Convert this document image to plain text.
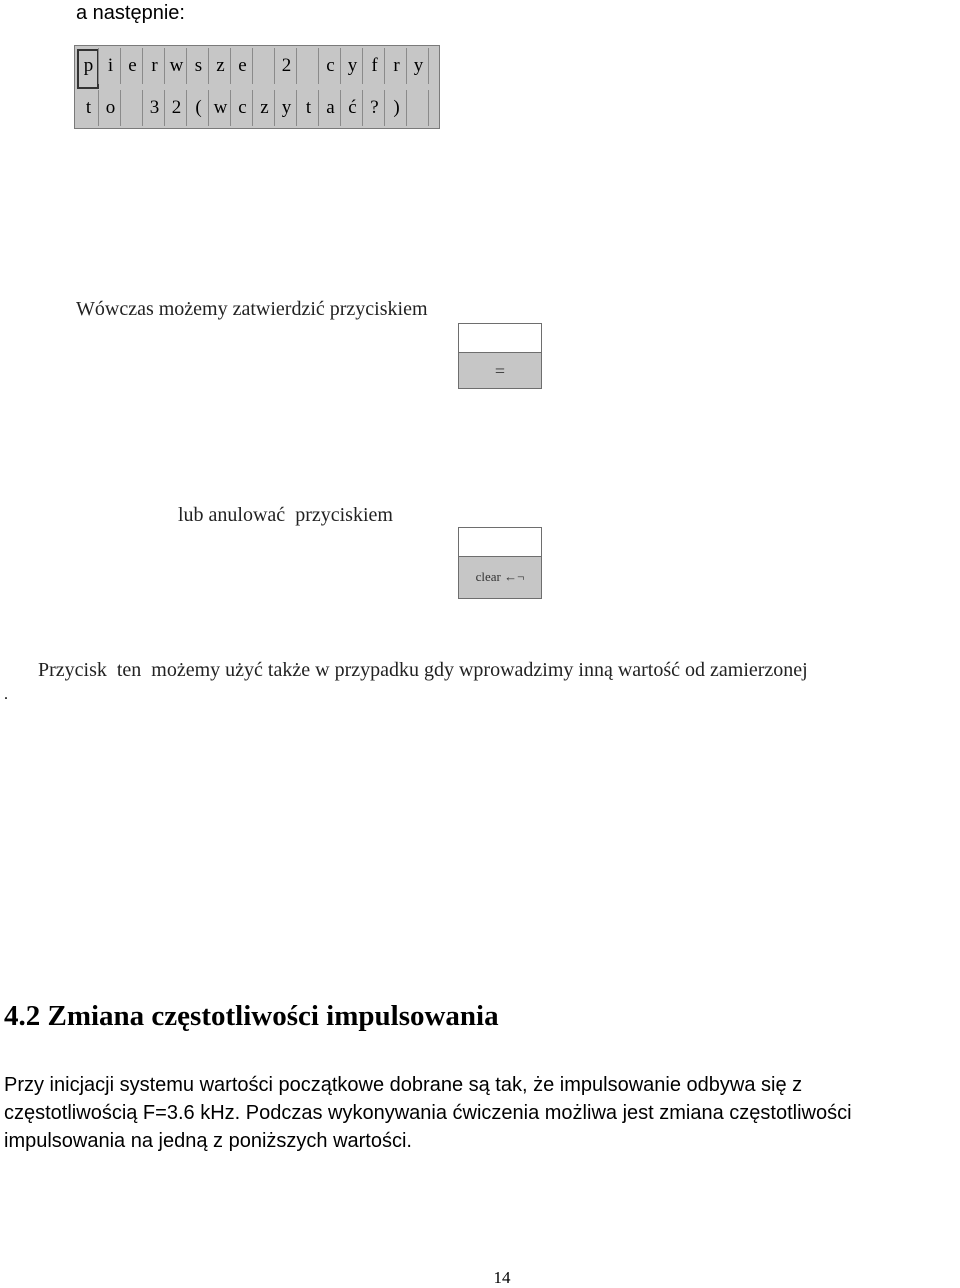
a następnie:
p i e r w s z e	2	c y f r y
t o	3 2 ( w c z y t a ć ? )
Wówczas możemy zatwierdzić przyciskiem
=
lub anulować  przyciskiem
clear ←¬
.
Przycisk  ten  możemy użyć także w przypadku gdy wprowadzimy inną wartość od zamierzonej
4.2 Zmiana częstotliwości impulsowania
Przy inicjacji systemu wartości początkowe dobrane są tak, że impulsowanie odbywa się z
częstotliwością F=3.6 kHz. Podczas wykonywania ćwiczenia możliwa jest zmiana częstotliwości
impulsowania na jedną z poniższych wartości.
14
